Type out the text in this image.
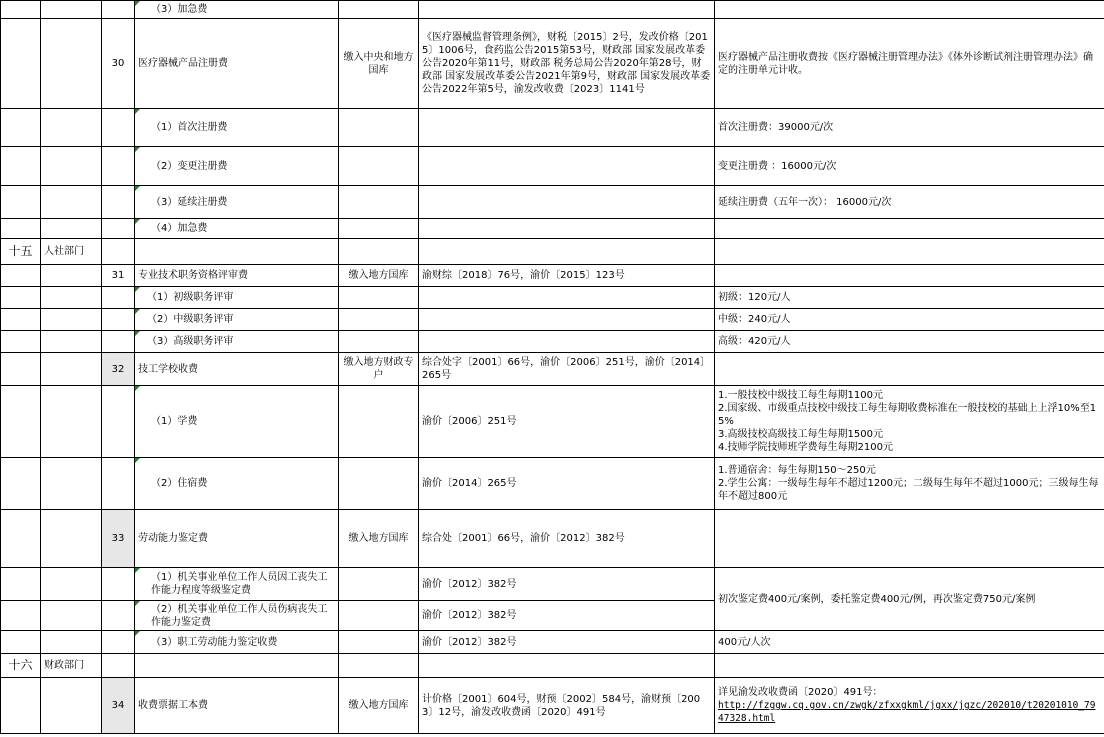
			（3）加急费			
		30	医疗器械产品注册费	缴入中央和地方国库	《医疗器械监督管理条例》，财税〔2015〕2号，发改价格〔2015〕1006号，食药监公告2015第53号，财政部 国家发展改革委公告2020年第11号，财政部 税务总局公告2020年第28号，财政部 国家发展改革委公告2021年第9号，财政部 国家发展改革委公告2022年第5号，渝发改收费〔2023〕1141号	医疗器械产品注册收费按《医疗器械注册管理办法》《体外诊断试剂注册管理办法》确定的注册单元计收。
			（1）首次注册费			首次注册费：39000元/次
			（2）变更注册费			变更注册费 ：16000元/次
			（3）延续注册费			延续注册费（五年一次）： 16000元/次
			（4）加急费			
十五	人社部门					
		31	专业技术职务资格评审费	缴入地方国库	渝财综〔2018〕76号，渝价〔2015〕123号	
			（1）初级职务评审			初级：120元/人
			（2）中级职务评审			中级：240元/人
			（3）高级职务评审			高级：420元/人
		32	技工学校收费	缴入地方财政专户	综合处字〔2001〕66号，渝价〔2006〕251号，渝价〔2014〕265号	
			（1）学费		渝价〔2006〕251号	1.一般技校中级技工每生每期1100元
2.国家级、市级重点技校中级技工每生每期收费标准在一般技校的基础上上浮10%至15%
3.高级技校高级技工每生每期1500元
4.技师学院技师班学费每生每期2100元

			（2）住宿费		渝价〔2014〕265号	1.普通宿舍：每生每期150～250元
2.学生公寓：一级每生每年不超过1200元；二级每生每年不超过1000元；三级每生每年不超过800元

		33	劳动能力鉴定费	缴入地方国库	综合处〔2001〕66号，渝价〔2012〕382号	
			（1）机关事业单位工作人员因工丧失工作能力程度等级鉴定费		渝价〔2012〕382号	初次鉴定费400元/案例，委托鉴定费400元/例，再次鉴定费750元/案例
			（2）机关事业单位工作人员伤病丧失工作能力鉴定费		渝价〔2012〕382号	
			（3）职工劳动能力鉴定收费		渝价〔2012〕382号	400元/人次
十六	财政部门					
		34	收费票据工本费	缴入地方国库	计价格〔2001〕604号，财预〔2002〕584号，渝财预〔2003〕12号，渝发改收费函〔2020〕491号	详见渝发改收费函〔2020〕491号：
http://fzggw.cq.gov.cn/zwgk/zfxxgkml/jgxx/jgzc/202010/t20201010_7947328.html
